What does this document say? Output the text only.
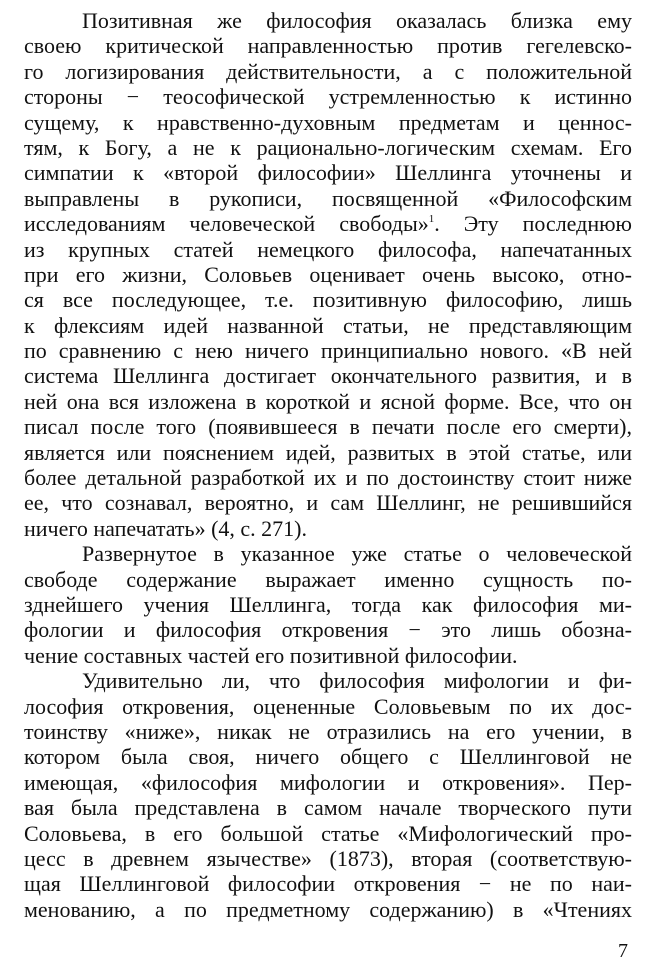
Позитивная же философия оказалась близка ему
своею критической направленностью против гегелевско-
го логизирования действительности, а с положительной
стороны − теософической устремленностью к истинно
сущему, к нравственно-духовным предметам и ценнос-
тям, к Богу, а не к рационально-логическим схемам. Его
симпатии к «второй философии» Шеллинга уточнены и
выправлены в рукописи, посвященной «Философским
исследованиям человеческой свободы»$^1$. Эту последнюю
из крупных статей немецкого философа, напечатанных
при его жизни, Соловьев оценивает очень высоко, отно-
ся все последующее, т.е. позитивную философию, лишь
к флексиям идей названной статьи, не представляющим
по сравнению с нею ничего принципиально нового. «В ней
система Шеллинга достигает окончательного развития, и в
ней она вся изложена в короткой и ясной форме. Все, что он
писал после того (появившееся в печати после его смерти),
является или пояснением идей, развитых в этой статье, или
более детальной разработкой их и по достоинству стоит ниже
ее, что сознавал, вероятно, и сам Шеллинг, не решившийся
ничего напечатать» (4, с. 271).

Развернутое в указанное уже статье о человеческой
свободе содержание выражает именно сущность по-
зднейшего учения Шеллинга, тогда как философия ми-
фологии и философия откровения − это лишь обозна-
чение составных частей его позитивной философии.

Удивительно ли, что философия мифологии и фи-
лософия откровения, оцененные Соловьевым по их дос-
тоинству «ниже», никак не отразились на его учении, в
котором была своя, ничего общего с Шеллинговой не
имеющая, «философия мифологии и откровения». Пер-
вая была представлена в самом начале творческого пути
Соловьева, в его большой статье «Мифологический про-
цесс в древнем язычестве» (1873), вторая (соответствую-
щая Шеллинговой философии откровения − не по наи-
менованию, а по предметному содержанию) в «Чтениях

7
